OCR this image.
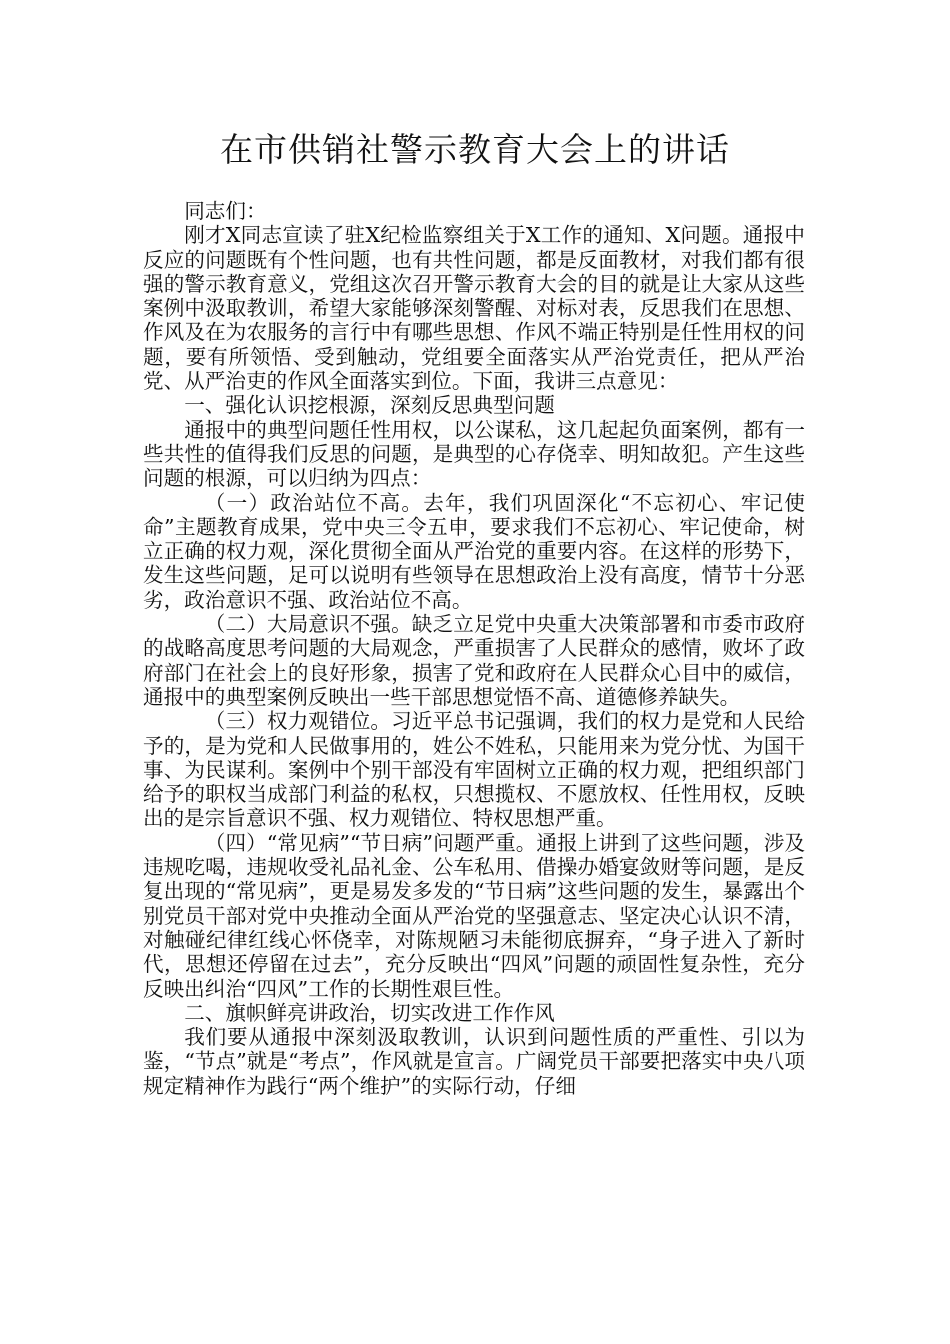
在市供销社警示教育大会上的讲话

同志们：

刚才X同志宣读了驻X纪检监察组关于X工作的通知、X问题。通报中反应的问题既有个性问题，也有共性问题，都是反面教材，对我们都有很强的警示教育意义，党组这次召开警示教育大会的目的就是让大家从这些案例中汲取教训，希望大家能够深刻警醒、对标对表，反思我们在思想、作风及在为农服务的言行中有哪些思想、作风不端正特别是任性用权的问题，要有所领悟、受到触动，党组要全面落实从严治党责任，把从严治党、从严治吏的作风全面落实到位。下面，我讲三点意见：

一、强化认识挖根源，深刻反思典型问题

通报中的典型问题任性用权，以公谋私，这几起起负面案例，都有一些共性的值得我们反思的问题，是典型的心存侥幸、明知故犯。产生这些问题的根源，可以归纳为四点：

（一）政治站位不高。去年，我们巩固深化“不忘初心、牢记使命”主题教育成果，党中央三令五申，要求我们不忘初心、牢记使命，树立正确的权力观，深化贯彻全面从严治党的重要内容。在这样的形势下，发生这些问题，足可以说明有些领导在思想政治上没有高度，情节十分恶劣，政治意识不强、政治站位不高。

（二）大局意识不强。缺乏立足党中央重大决策部署和市委市政府的战略高度思考问题的大局观念，严重损害了人民群众的感情，败坏了政府部门在社会上的良好形象，损害了党和政府在人民群众心目中的威信，通报中的典型案例反映出一些干部思想觉悟不高、道德修养缺失。

（三）权力观错位。习近平总书记强调，我们的权力是党和人民给予的，是为党和人民做事用的，姓公不姓私，只能用来为党分忧、为国干事、为民谋利。案例中个别干部没有牢固树立正确的权力观，把组织部门给予的职权当成部门利益的私权，只想揽权、不愿放权、任性用权，反映出的是宗旨意识不强、权力观错位、特权思想严重。

（四）“常见病”“节日病”问题严重。通报上讲到了这些问题，涉及违规吃喝，违规收受礼品礼金、公车私用、借操办婚宴敛财等问题，是反复出现的“常见病”，更是易发多发的“节日病”这些问题的发生，暴露出个别党员干部对党中央推动全面从严治党的坚强意志、坚定决心认识不清，对触碰纪律红线心怀侥幸，对陈规陋习未能彻底摒弃，“身子进入了新时代，思想还停留在过去”，充分反映出“四风”问题的顽固性复杂性，充分反映出纠治“四风”工作的长期性艰巨性。

二、旗帜鲜亮讲政治，切实改进工作作风

我们要从通报中深刻汲取教训，认识到问题性质的严重性、引以为鉴，“节点”就是“考点”，作风就是宣言。广阔党员干部要把落实中央八项规定精神作为践行“两个维护”的实际行动，仔细
